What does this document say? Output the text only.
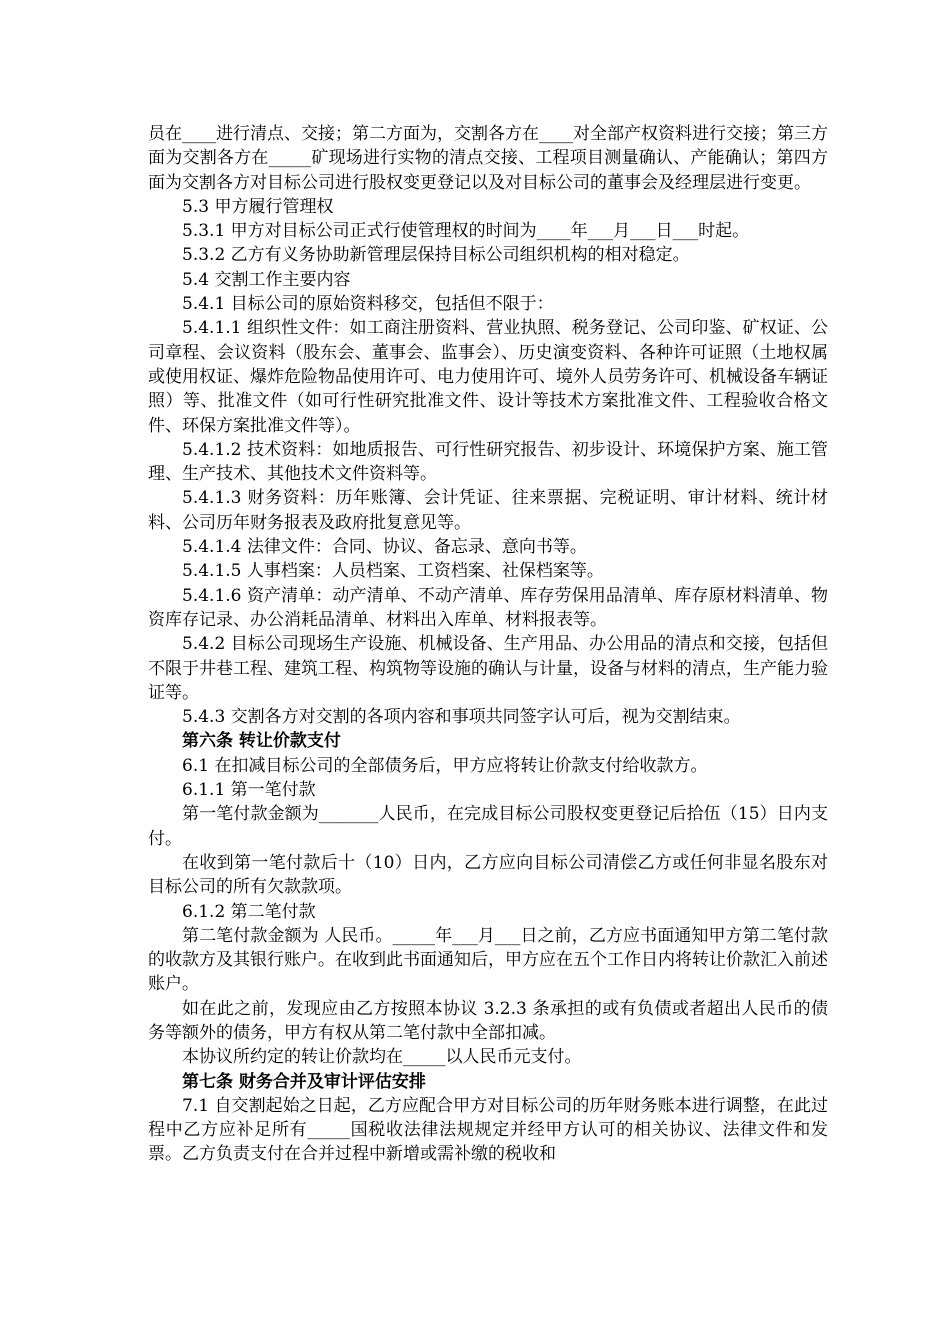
员在____进行清点、交接；第二方面为，交割各方在____对全部产权资料进行交接；第三方面为交割各方在_____矿现场进行实物的清点交接、工程项目测量确认、产能确认；第四方面为交割各方对目标公司进行股权变更登记以及对目标公司的董事会及经理层进行变更。

5.3 甲方履行管理权

5.3.1 甲方对目标公司正式行使管理权的时间为____年___月___日___时起。

5.3.2 乙方有义务协助新管理层保持目标公司组织机构的相对稳定。

5.4 交割工作主要内容

5.4.1 目标公司的原始资料移交，包括但不限于：

5.4.1.1 组织性文件：如工商注册资料、营业执照、税务登记、公司印鉴、矿权证、公司章程、会议资料（股东会、董事会、监事会）、历史演变资料、各种许可证照（土地权属或使用权证、爆炸危险物品使用许可、电力使用许可、境外人员劳务许可、机械设备车辆证照）等、批准文件（如可行性研究批准文件、设计等技术方案批准文件、工程验收合格文件、环保方案批准文件等）。

5.4.1.2 技术资料：如地质报告、可行性研究报告、初步设计、环境保护方案、施工管理、生产技术、其他技术文件资料等。

5.4.1.3 财务资料：历年账簿、会计凭证、往来票据、完税证明、审计材料、统计材料、公司历年财务报表及政府批复意见等。

5.4.1.4 法律文件：合同、协议、备忘录、意向书等。

5.4.1.5 人事档案：人员档案、工资档案、社保档案等。

5.4.1.6 资产清单：动产清单、不动产清单、库存劳保用品清单、库存原材料清单、物资库存记录、办公消耗品清单、材料出入库单、材料报表等。

5.4.2 目标公司现场生产设施、机械设备、生产用品、办公用品的清点和交接，包括但不限于井巷工程、建筑工程、构筑物等设施的确认与计量，设备与材料的清点，生产能力验证等。

5.4.3 交割各方对交割的各项内容和事项共同签字认可后，视为交割结束。

第六条 转让价款支付

6.1 在扣减目标公司的全部债务后，甲方应将转让价款支付给收款方。

6.1.1 第一笔付款

第一笔付款金额为_______人民币，在完成目标公司股权变更登记后拾伍（15）日内支付。

在收到第一笔付款后十（10）日内，乙方应向目标公司清偿乙方或任何非显名股东对目标公司的所有欠款款项。

6.1.2 第二笔付款

第二笔付款金额为 人民币。_____年___月___日之前，乙方应书面通知甲方第二笔付款的收款方及其银行账户。在收到此书面通知后，甲方应在五个工作日内将转让价款汇入前述账户。

如在此之前，发现应由乙方按照本协议 3.2.3 条承担的或有负债或者超出人民币的债务等额外的债务，甲方有权从第二笔付款中全部扣减。

本协议所约定的转让价款均在_____以人民币元支付。

第七条 财务合并及审计评估安排

7.1 自交割起始之日起，乙方应配合甲方对目标公司的历年财务账本进行调整，在此过程中乙方应补足所有_____国税收法律法规规定并经甲方认可的相关协议、法律文件和发票。乙方负责支付在合并过程中新增或需补缴的税收和
